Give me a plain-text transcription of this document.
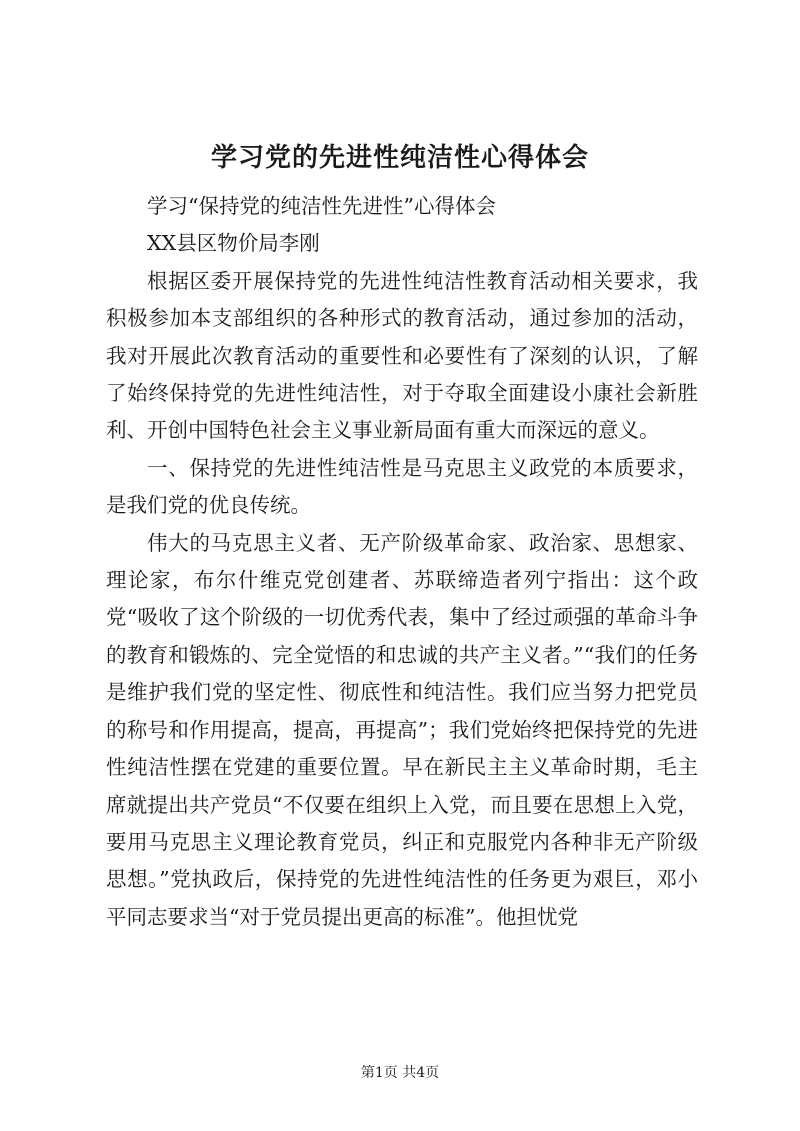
学习党的先进性纯洁性心得体会

学习“保持党的纯洁性先进性”心得体会

XX县区物价局李刚

根据区委开展保持党的先进性纯洁性教育活动相关要求，我积极参加本支部组织的各种形式的教育活动，通过参加的活动，我对开展此次教育活动的重要性和必要性有了深刻的认识，了解了始终保持党的先进性纯洁性，对于夺取全面建设小康社会新胜利、开创中国特色社会主义事业新局面有重大而深远的意义。

一、保持党的先进性纯洁性是马克思主义政党的本质要求，是我们党的优良传统。

伟大的马克思主义者、无产阶级革命家、政治家、思想家、理论家，布尔什维克党创建者、苏联缔造者列宁指出：这个政党“吸收了这个阶级的一切优秀代表，集中了经过顽强的革命斗争的教育和锻炼的、完全觉悟的和忠诚的共产主义者。”“我们的任务是维护我们党的坚定性、彻底性和纯洁性。我们应当努力把党员的称号和作用提高，提高，再提高”；我们党始终把保持党的先进性纯洁性摆在党建的重要位置。早在新民主主义革命时期，毛主席就提出共产党员“不仅要在组织上入党，而且要在思想上入党，要用马克思主义理论教育党员，纠正和克服党内各种非无产阶级思想。”党执政后，保持党的先进性纯洁性的任务更为艰巨，邓小平同志要求当“对于党员提出更高的标准”。他担忧党

第1页 共4页
